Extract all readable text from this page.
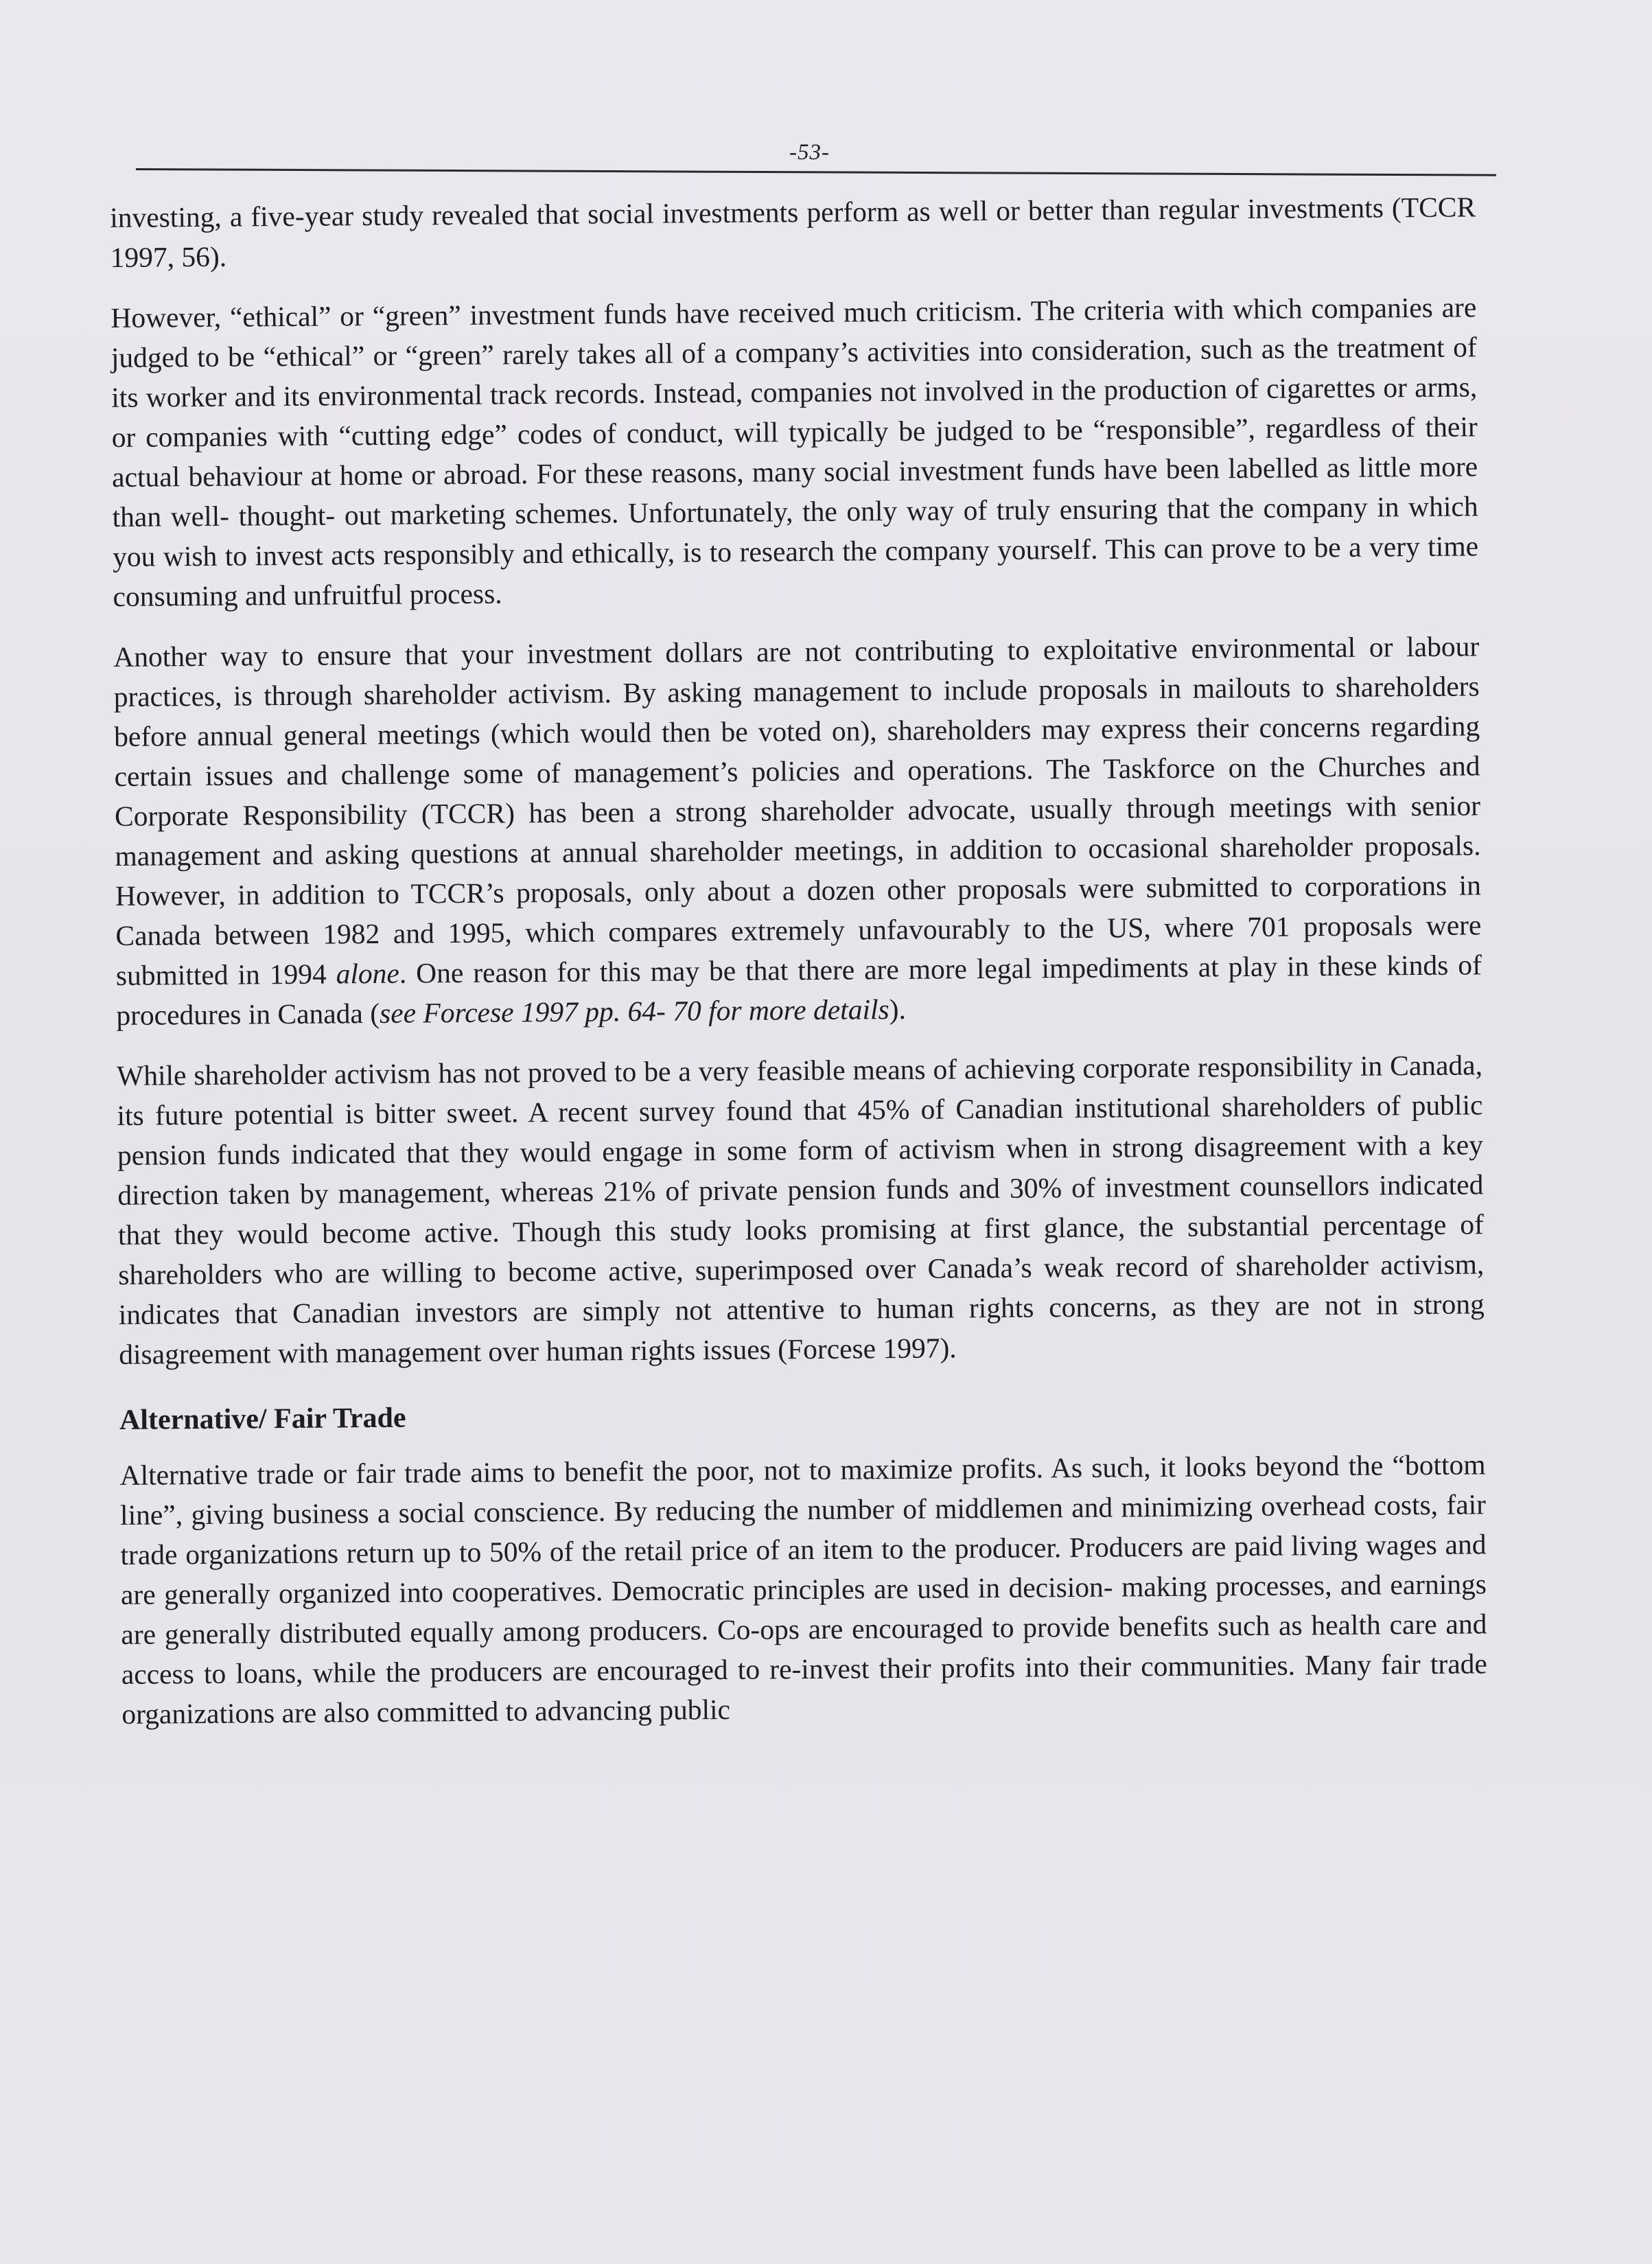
-53-

investing, a five-year study revealed that social investments perform as well or better than regular investments (TCCR 1997, 56).

However, “ethical” or “green” investment funds have received much criticism. The criteria with which companies are judged to be “ethical” or “green” rarely takes all of a company’s activities into consideration, such as the treatment of its worker and its environmental track records. Instead, companies not involved in the production of cigarettes or arms, or companies with “cutting edge” codes of conduct, will typically be judged to be “responsible”, regardless of their actual behaviour at home or abroad. For these reasons, many social investment funds have been labelled as little more than well- thought- out marketing schemes. Unfortunately, the only way of truly ensuring that the company in which you wish to invest acts responsibly and ethically, is to research the company yourself. This can prove to be a very time consuming and unfruitful process.

Another way to ensure that your investment dollars are not contributing to exploitative environmental or labour practices, is through shareholder activism. By asking management to include proposals in mailouts to shareholders before annual general meetings (which would then be voted on), shareholders may express their concerns regarding certain issues and challenge some of management’s policies and operations. The Taskforce on the Churches and Corporate Responsibility (TCCR) has been a strong shareholder advocate, usually through meetings with senior management and asking questions at annual shareholder meetings, in addition to occasional shareholder proposals. However, in addition to TCCR’s proposals, only about a dozen other proposals were submitted to corporations in Canada between 1982 and 1995, which compares extremely unfavourably to the US, where 701 proposals were submitted in 1994 alone. One reason for this may be that there are more legal impediments at play in these kinds of procedures in Canada (see Forcese 1997 pp. 64- 70 for more details).

While shareholder activism has not proved to be a very feasible means of achieving corporate responsibility in Canada, its future potential is bitter sweet. A recent survey found that 45% of Canadian institutional shareholders of public pension funds indicated that they would engage in some form of activism when in strong disagreement with a key direction taken by management, whereas 21% of private pension funds and 30% of investment counsellors indicated that they would become active. Though this study looks promising at first glance, the substantial percentage of shareholders who are willing to become active, superimposed over Canada’s weak record of shareholder activism, indicates that Canadian investors are simply not attentive to human rights concerns, as they are not in strong disagreement with management over human rights issues (Forcese 1997).

Alternative/ Fair Trade

Alternative trade or fair trade aims to benefit the poor, not to maximize profits. As such, it looks beyond the “bottom line”, giving business a social conscience. By reducing the number of middlemen and minimizing overhead costs, fair trade organizations return up to 50% of the retail price of an item to the producer. Producers are paid living wages and are generally organized into cooperatives. Democratic principles are used in decision- making processes, and earnings are generally distributed equally among producers. Co-ops are encouraged to provide benefits such as health care and access to loans, while the producers are encouraged to re-invest their profits into their communities. Many fair trade organizations are also committed to advancing public
